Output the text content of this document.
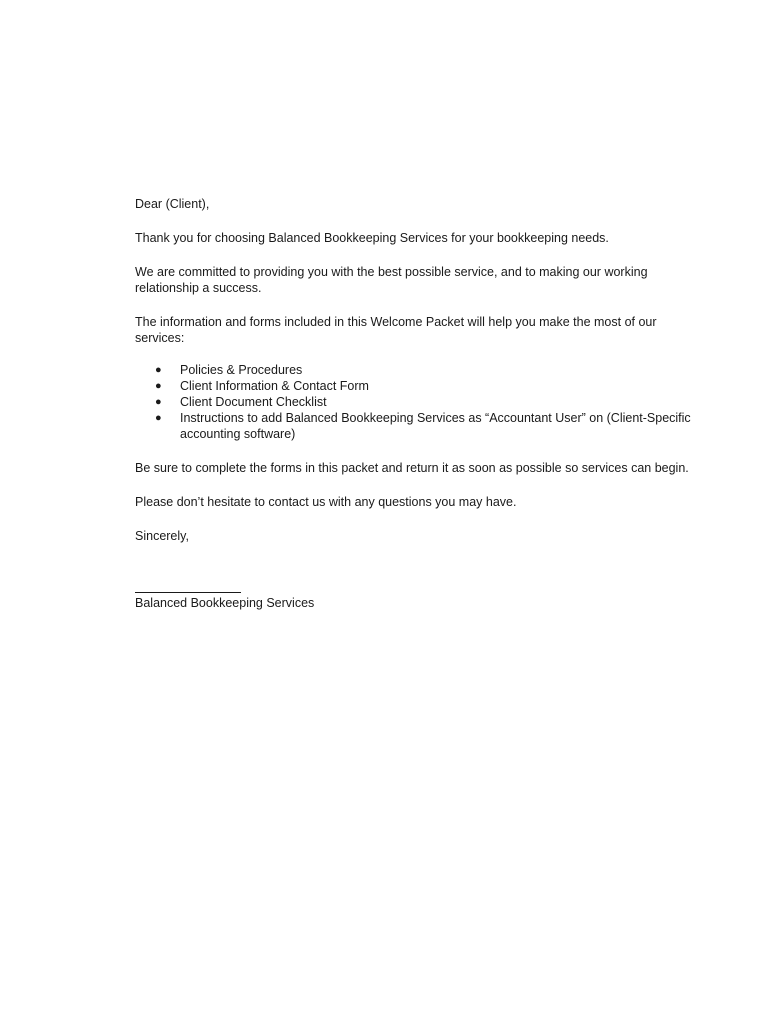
Dear (Client),

Thank you for choosing Balanced Bookkeeping Services for your bookkeeping needs.

We are committed to providing you with the best possible service, and to making our working relationship a success.

The information and forms included in this Welcome Packet will help you make the most of our services:

● Policies & Procedures
● Client Information & Contact Form
● Client Document Checklist
● Instructions to add Balanced Bookkeeping Services as “Accountant User” on (Client-Specific accounting software)

Be sure to complete the forms in this packet and return it as soon as possible so services can begin.

Please don’t hesitate to contact us with any questions you may have.

Sincerely,

Balanced Bookkeeping Services
